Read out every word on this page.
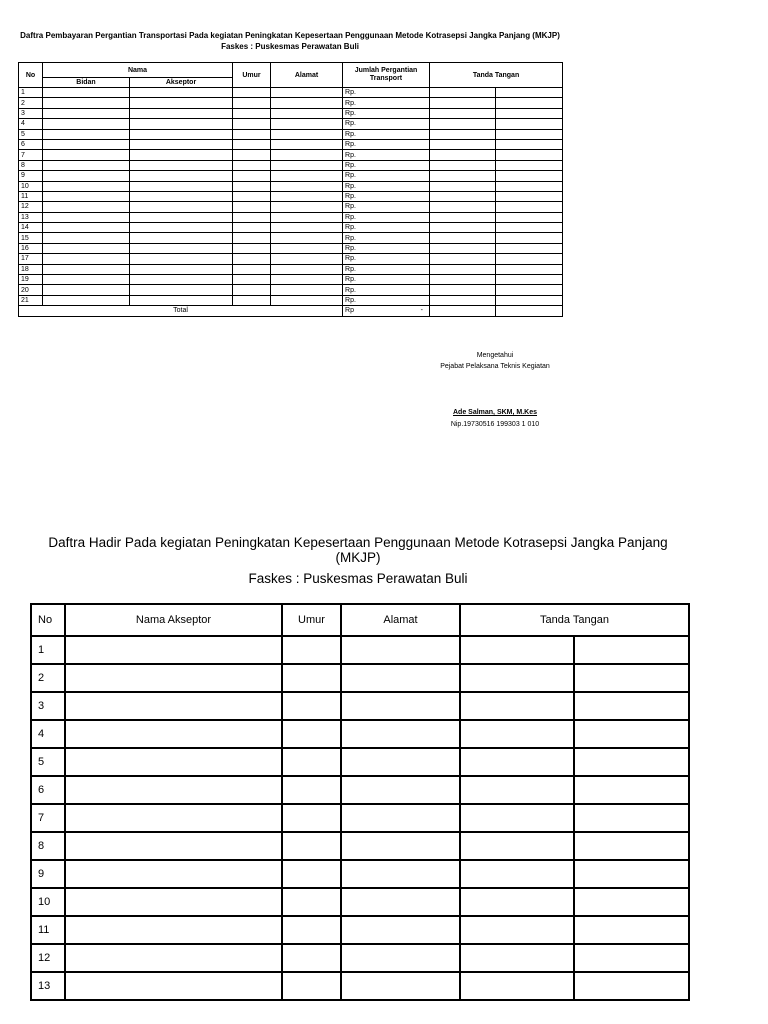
Daftra Pembayaran Pergantian Transportasi Pada kegiatan Peningkatan Kepesertaan Penggunaan Metode Kotrasepsi Jangka Panjang (MKJP)
Faskes : Puskesmas Perawatan Buli
No	Nama		Umur	Alamat	Jumlah Pergantian Transport	Tanda Tangan	
	Bidan	Akseptor					
1					Rp.		
2					Rp.		
3					Rp.		
4					Rp.		
5					Rp.		
6					Rp.		
7					Rp.		
8					Rp.		
9					Rp.		
10					Rp.		
11					Rp.		
12					Rp.		
13					Rp.		
14					Rp.		
15					Rp.		
16					Rp.		
17					Rp.		
18					Rp.		
19					Rp.		
20					Rp.		
21					Rp.		
Total					Rp -		

Mengetahui
Pejabat Pelaksana Teknis Kegiatan
Ade Salman, SKM, M.Kes
Nip.19730516 199303 1 010
Daftra Hadir Pada kegiatan Peningkatan Kepesertaan Penggunaan Metode Kotrasepsi Jangka Panjang
(MKJP)
Faskes : Puskesmas Perawatan Buli
No	Nama Akseptor	Umur	Alamat	Tanda Tangan	
1					
2					
3					
4					
5					
6					
7					
8					
9					
10					
11					
12					
13					
